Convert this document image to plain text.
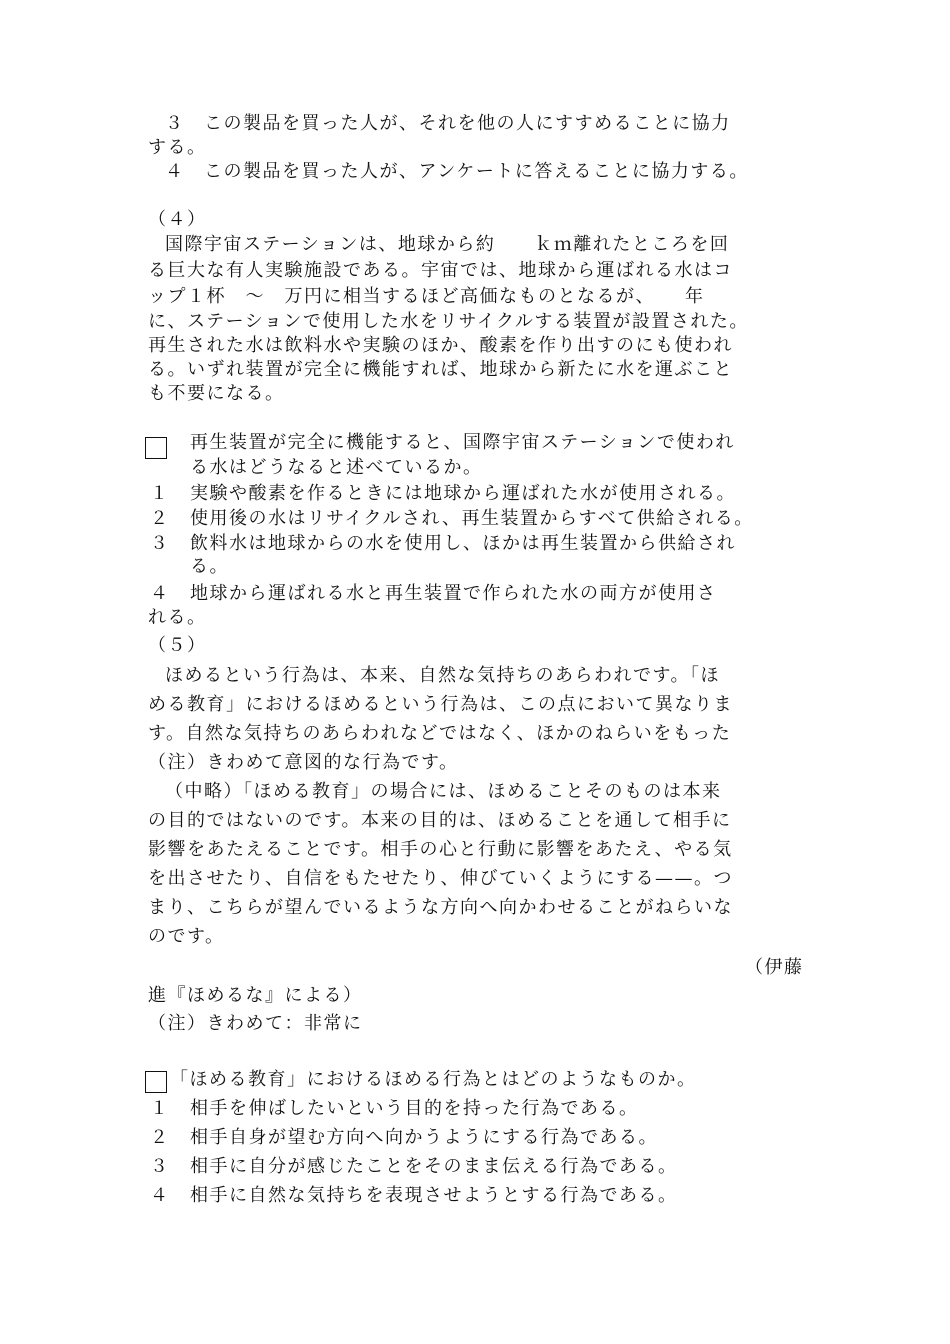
３　この製品を買った人が、それを他の人にすすめることに協力
する。
４　この製品を買った人が、アンケートに答えることに協力する。
（４）
国際宇宙ステーションは、地球から約　　ｋｍ離れたところを回
る巨大な有人実験施設である。宇宙では、地球から運ばれる水はコ
ップ１杯　〜　万円に相当するほど高価なものとなるが、　　年
に、ステーションで使用した水をリサイクルする装置が設置された。
再生された水は飲料水や実験のほか、酸素を作り出すのにも使われ
る。いずれ装置が完全に機能すれば、地球から新たに水を運ぶこと
も不要になる。
再生装置が完全に機能すると、国際宇宙ステーションで使われ
る水はどうなると述べているか。
１ 実験や酸素を作るときには地球から運ばれた水が使用される。
２ 使用後の水はリサイクルされ、再生装置からすべて供給される。
３ 飲料水は地球からの水を使用し、ほかは再生装置から供給され
る。
４ 地球から運ばれる水と再生装置で作られた水の両方が使用さ
れる。
（５）
ほめるという行為は、本来、自然な気持ちのあらわれです。「ほ
める教育」におけるほめるという行為は、この点において異なりま
す。自然な気持ちのあらわれなどではなく、ほかのねらいをもった
（注）きわめて意図的な行為です。
（中略）「ほめる教育」の場合には、ほめることそのものは本来
の目的ではないのです。本来の目的は、ほめることを通して相手に
影響をあたえることです。相手の心と行動に影響をあたえ、やる気
を出させたり、自信をもたせたり、伸びていくようにする——。つ
まり、こちらが望んでいるような方向へ向かわせることがねらいな
のです。
（伊藤
進『ほめるな』による）
（注）きわめて：非常に
「ほめる教育」におけるほめる行為とはどのようなものか。
１ 相手を伸ばしたいという目的を持った行為である。
２ 相手自身が望む方向へ向かうようにする行為である。
３ 相手に自分が感じたことをそのまま伝える行為である。
４ 相手に自然な気持ちを表現させようとする行為である。
